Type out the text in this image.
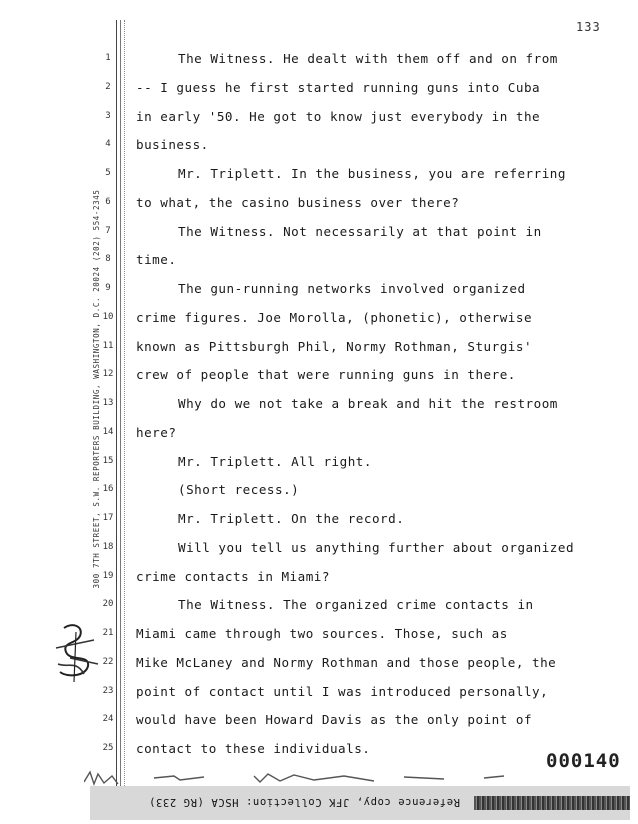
133
300 7TH STREET, S.W. REPORTERS BUILDING, WASHINGTON, D.C. 20024 (202) 554-2345
1	The Witness. He dealt with them off and on from
2 -- I guess he first started running guns into Cuba
3 in early '50. He got to know just everybody in the
4 business.
5	Mr. Triplett. In the business, you are referring
6 to what, the casino business over there?
7	The Witness. Not necessarily at that point in
8 time.
9	The gun-running networks involved organized
10 crime figures. Joe Morolla, (phonetic), otherwise
11 known as Pittsburgh Phil, Normy Rothman, Sturgis'
12 crew of people that were running guns in there.
13	Why do we not take a break and hit the restroom
14 here?
15	Mr. Triplett. All right.
16	(Short recess.)
17	Mr. Triplett. On the record.
18	Will you tell us anything further about organized
19 crime contacts in Miami?
20	The Witness. The organized crime contacts in
21 Miami came through two sources. Those, such as
22 Mike McLaney and Normy Rothman and those people, the
23 point of contact until I was introduced personally,
24 would have been Howard Davis as the only point of
25 contact to these individuals.
000140
Reference copy, JFK Collection: HSCA (RG 233)
